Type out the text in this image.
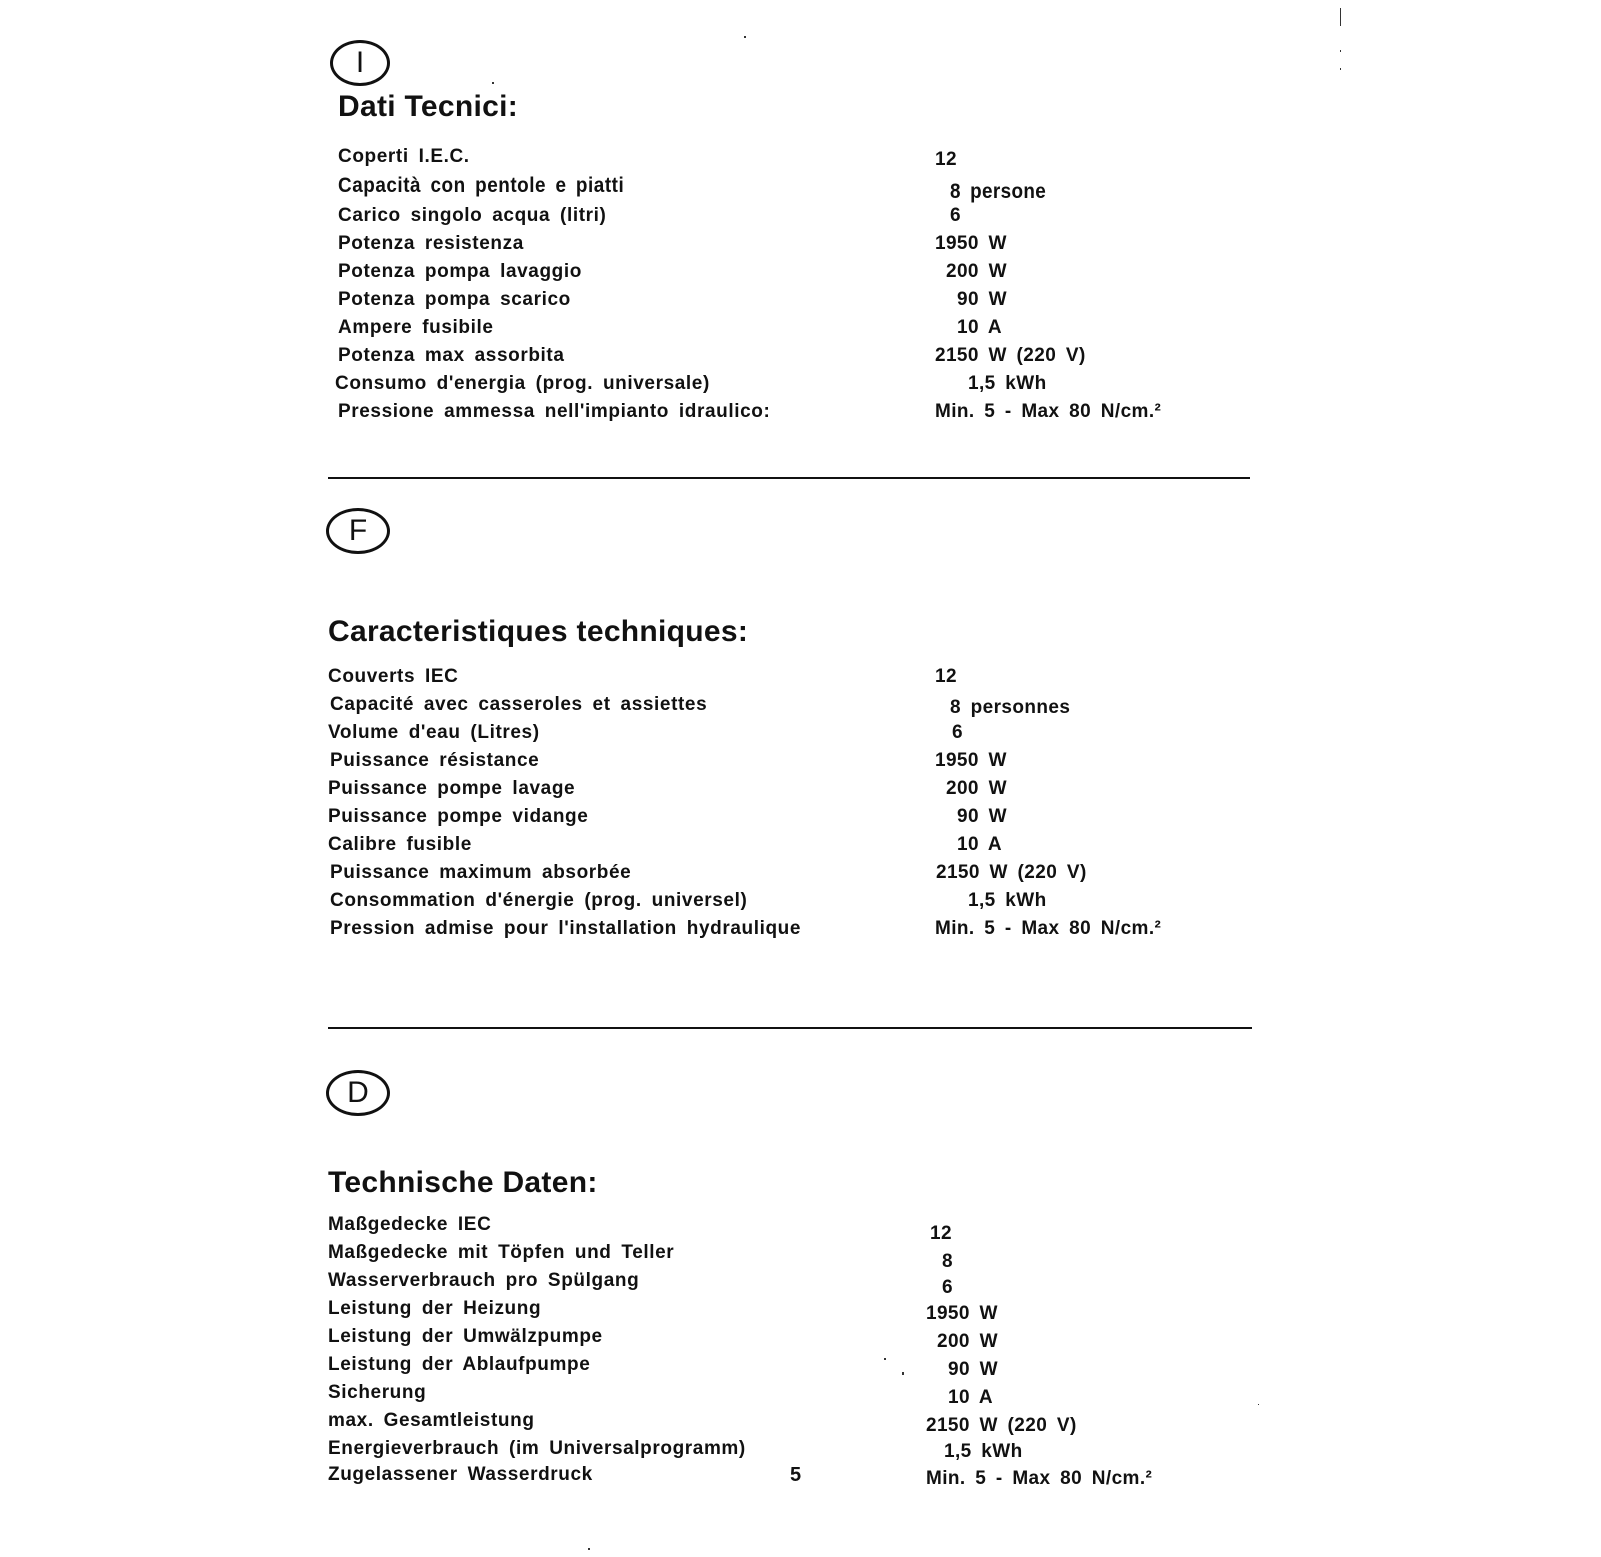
I
Dati Tecnici:
Coperti I.E.C.	12
Capacità con pentole e piatti	8 persone
Carico singolo acqua (litri)	6
Potenza resistenza	1950 W
Potenza pompa lavaggio	200 W
Potenza pompa scarico	90 W
Ampere fusibile	10 A
Potenza max assorbita	2150 W (220 V)
Consumo d'energia (prog. universale)	1,5 kWh
Pressione ammessa nell'impianto idraulico:	Min. 5 - Max 80 N/cm.²
F
Caracteristiques techniques:
Couverts IEC	12
Capacité avec casseroles et assiettes	8 personnes
Volume d'eau (Litres)	6
Puissance résistance	1950 W
Puissance pompe lavage	200 W
Puissance pompe vidange	90 W
Calibre fusible	10 A
Puissance maximum absorbée	2150 W (220 V)
Consommation d'énergie (prog. universel)	1,5 kWh
Pression admise pour l'installation hydraulique	Min. 5 - Max 80 N/cm.²
D
Technische Daten:
Maßgedecke IEC	12
Maßgedecke mit Töpfen und Teller	8
Wasserverbrauch pro Spülgang	6
Leistung der Heizung	1950 W
Leistung der Umwälzpumpe	200 W
Leistung der Ablaufpumpe	90 W
Sicherung	10 A
max. Gesamtleistung	2150 W (220 V)
Energieverbrauch (im Universalprogramm)	1,5 kWh
Zugelassener Wasserdruck	Min. 5 - Max 80 N/cm.²
5
